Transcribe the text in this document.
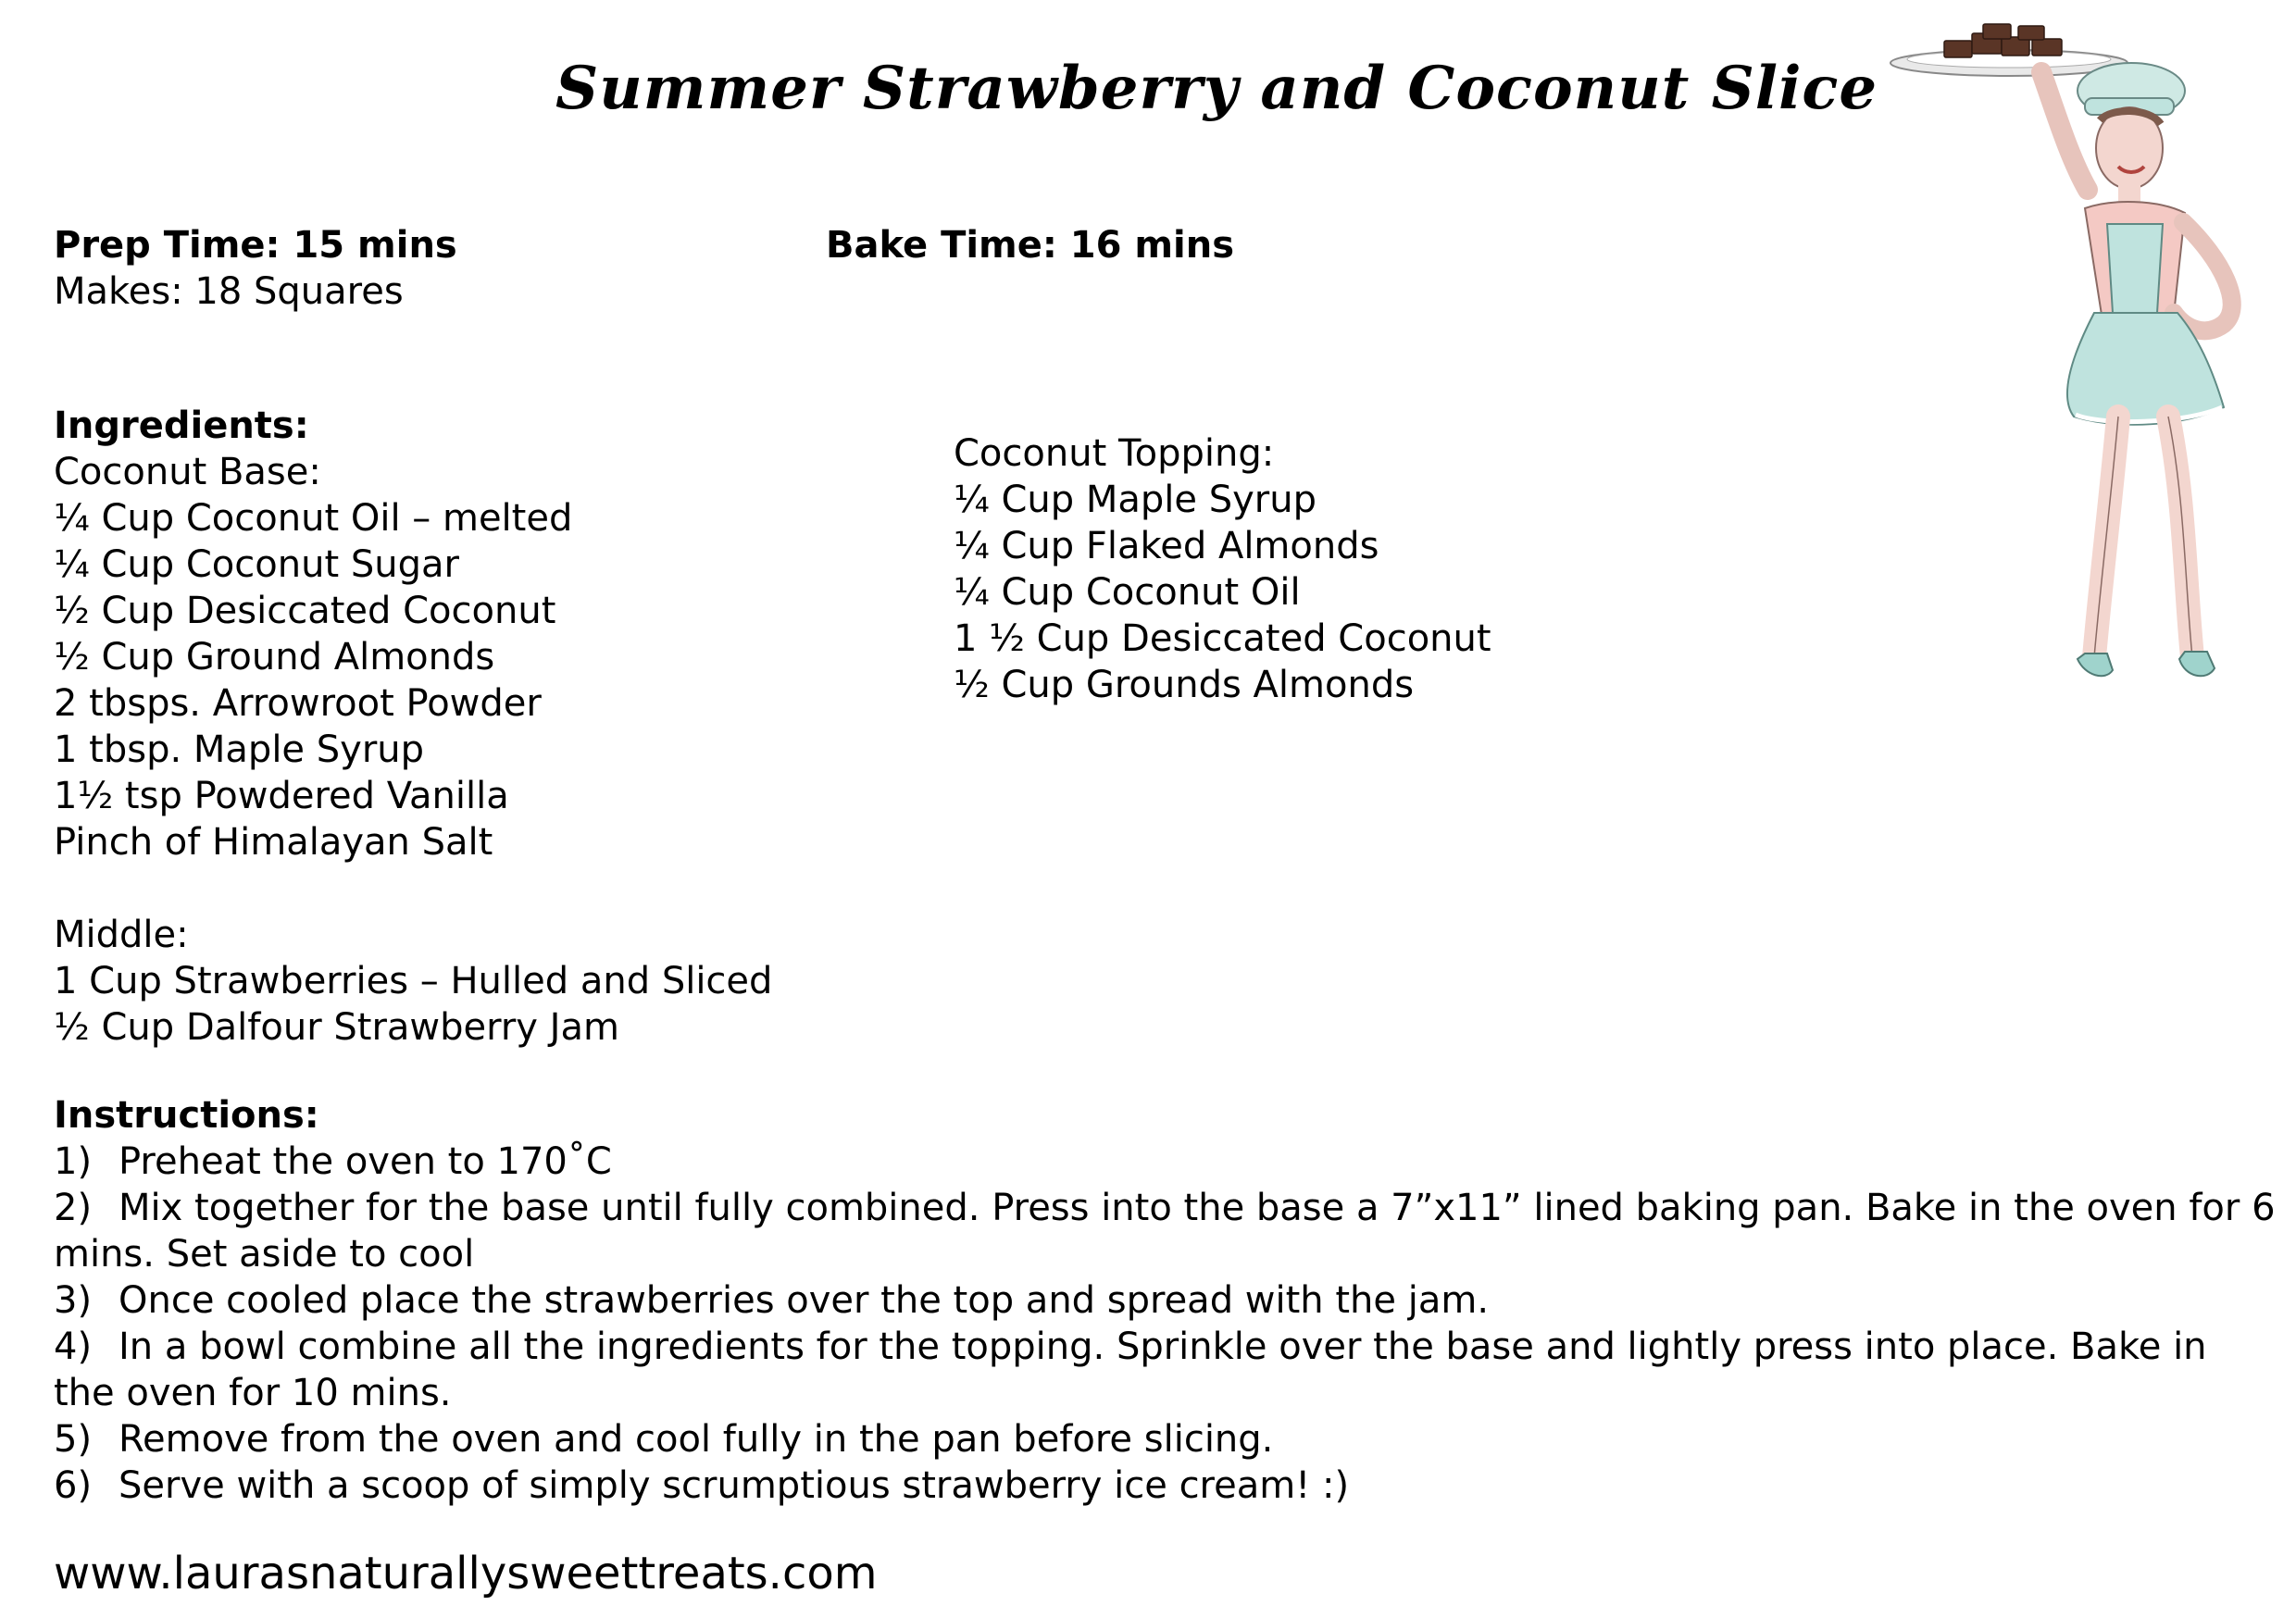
Summer Strawberry and Coconut Slice
Prep Time: 15 mins
Makes: 18 Squares
Bake Time: 16 mins
Ingredients:
Coconut Base:
¼ Cup Coconut Oil – melted
¼ Cup Coconut Sugar
½ Cup Desiccated Coconut
½ Cup Ground Almonds
2 tbsps. Arrowroot Powder
1 tbsp. Maple Syrup
1½ tsp Powdered Vanilla
Pinch of Himalayan Salt
Middle:
1 Cup Strawberries – Hulled and Sliced
½ Cup Dalfour Strawberry Jam
Coconut Topping:
¼ Cup Maple Syrup
¼ Cup Flaked Almonds
¼ Cup Coconut Oil
1 ½ Cup Desiccated Coconut
½ Cup Grounds Almonds
Instructions:
1) Preheat the oven to 170˚C
2) Mix together for the base until fully combined. Press into the base a 7”x11” lined baking pan. Bake in the oven for 6 mins. Set aside to cool
3) Once cooled place the strawberries over the top and spread with the jam.
4) In a bowl combine all the ingredients for the topping. Sprinkle over the base and lightly press into place. Bake in the oven for 10 mins.
5) Remove from the oven and cool fully in the pan before slicing.
6) Serve with a scoop of simply scrumptious strawberry ice cream! :)
www.laurasnaturallysweettreats.com
